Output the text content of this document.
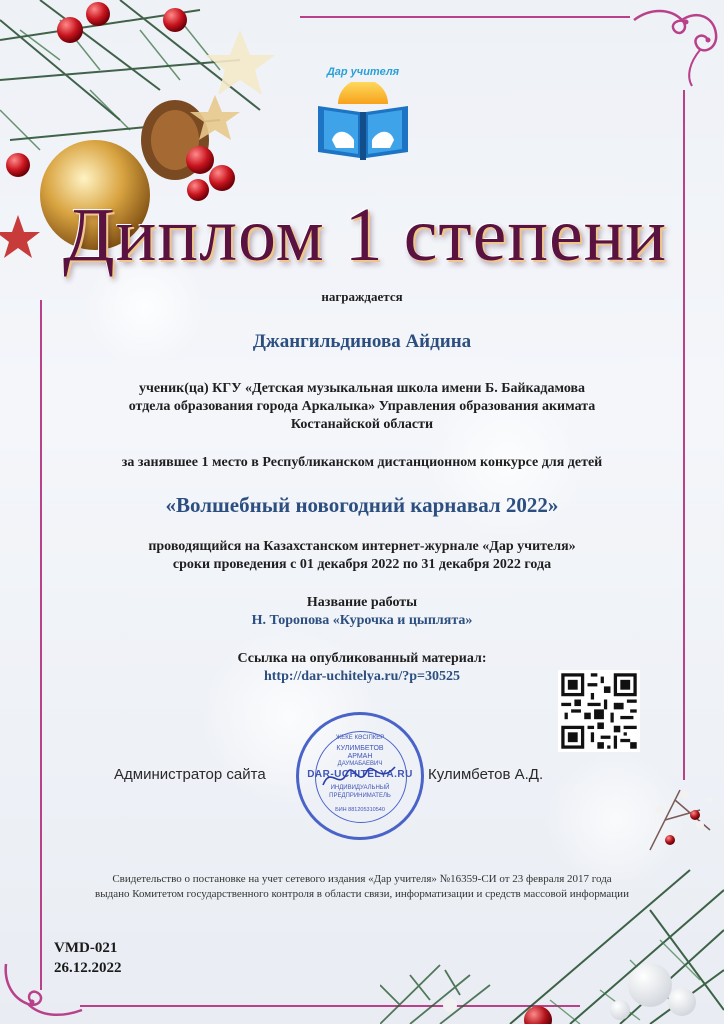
Дар учителя
Диплом 1 степени
награждается
Джангильдинова Айдина
ученик(ца) КГУ «Детская музыкальная школа имени Б. Байкадамова
отдела образования города Аркалыка» Управления образования акимата
Костанайской области
за занявшее 1 место в Республиканском дистанционном конкурсе для детей
«Волшебный новогодний карнавал 2022»
проводящийся на Казахстанском интернет-журнале «Дар учителя»
сроки проведения с 01 декабря 2022 по 31 декабря 2022 года
Название работы
Н. Торопова «Курочка и цыплята»
Ссылка на опубликованный материал:
http://dar-uchitelya.ru/?p=30525
Администратор сайта	Кулимбетов А.Д.
ЖЕКЕ КӘСІПКЕР
КУЛИМБЕТОВ
АРМАН
ДАУМАБАЕВИЧ
DAR-UCHITELYA.RU
ИНДИВИДУАЛЬНЫЙ
ПРЕДПРИНИМАТЕЛЬ
БИН 881205310540
Свидетельство о постановке на учет сетевого издания «Дар учителя» №16359-СИ от 23 февраля 2017 года
выдано Комитетом государственного контроля в области связи, информатизации и средств массовой информации
VMD-021
26.12.2022
